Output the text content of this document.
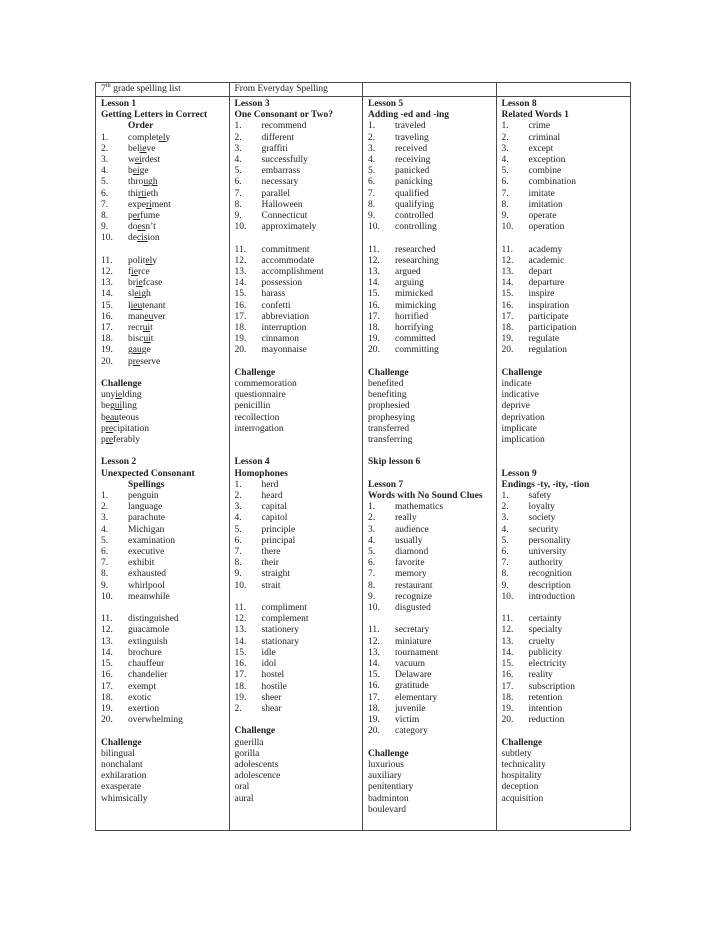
7th grade spelling list	From Everyday Spelling
Lesson 1
Getting Letters in Correct
Order
1.	completely
2.	believe
3.	weirdest
4.	beige
5.	through
6.	thirtieth
7.	experiment
8.	perfume
9.	doesn’t
10.	decision
11.	politely
12.	fierce
13.	briefcase
14.	sleigh
15.	lieutenant
16.	maneuver
17.	recruit
18.	biscuit
19.	gauge
20.	preserve
Challenge
unyielding
beguiling
beauteous
precipitation
preferably
Lesson 2
Unexpected Consonant
Spellings
1.	penguin
2.	language
3.	parachute
4.	Michigan
5.	examination
6.	executive
7.	exhibit
8.	exhausted
9.	whirlpool
10.	meanwhile
11.	distinguished
12.	guacamole
13.	extinguish
14.	brochure
15.	chauffeur
16.	chandelier
17.	exempt
18.	exotic
19.	exertion
20.	overwhelming
Challenge
bilingual
nonchalant
exhilaration
exasperate
whimsically
Lesson 3
One Consonant or Two?
1.	recommend
2.	different
3.	graffiti
4.	successfully
5.	embarrass
6.	necessary
7.	parallel
8.	Halloween
9.	Connecticut
10.	approximately
11.	commitment
12.	accommodate
13.	accomplishment
14.	possession
15.	harass
16.	confetti
17.	abbreviation
18.	interruption
19.	cinnamon
20.	mayonnaise
Challenge
commemoration
questionnaire
penicillin
recollection
interrogation
Lesson 4
Homophones
1.	herd
2.	heard
3.	capital
4.	capitol
5.	principle
6.	principal
7.	there
8.	their
9.	straight
10.	strait
11.	compliment
12.	complement
13.	stationery
14.	stationary
15.	idle
16.	idol
17.	hostel
18.	hostile
19.	sheer
2.	shear
Challenge
guerilla
gorilla
adolescents
adolescence
oral
aural
Lesson 5
Adding -ed and -ing
1.	traveled
2.	traveling
3.	received
4.	receiving
5.	panicked
6.	panicking
7.	qualified
8.	qualifying
9.	controlled
10.	controlling
11.	researched
12.	researching
13.	argued
14.	arguing
15.	mimicked
16.	mimicking
17.	horrified
18.	horrifying
19.	committed
20.	committing
Challenge
benefited
benefiting
prophesied
prophesying
transferred
transferring
Skip lesson 6
Lesson 7
Words with No Sound Clues
1.	mathematics
2.	really
3.	audience
4.	usually
5.	diamond
6.	favorite
7.	memory
8.	restaurant
9.	recognize
10.	disgusted
11.	secretary
12.	miniature
13.	tournament
14.	vacuum
15.	Delaware
16.	gratitude
17.	elementary
18.	juvenile
19.	victim
20.	category
Challenge
luxurious
auxiliary
penitentiary
badminton
boulevard
Lesson 8
Related Words 1
1.	crime
2.	criminal
3.	except
4.	exception
5.	combine
6.	combination
7.	imitate
8.	imitation
9.	operate
10.	operation
11.	academy
12.	academic
13.	depart
14.	departure
15.	inspire
16.	inspiration
17.	participate
18.	participation
19.	regulate
20.	regulation
Challenge
indicate
indicative
deprive
deprivation
implicate
implication
Lesson 9
Endings -ty, -ity, -tion
1.	safety
2.	loyalty
3.	society
4.	security
5.	personality
6.	university
7.	authority
8.	recognition
9.	description
10.	introduction
11.	certainty
12.	specialty
13.	cruelty
14.	publicity
15.	electricity
16.	reality
17.	subscription
18.	retention
19.	intention
20.	reduction
Challenge
subtlety
technicality
hospitality
deception
acquisition
